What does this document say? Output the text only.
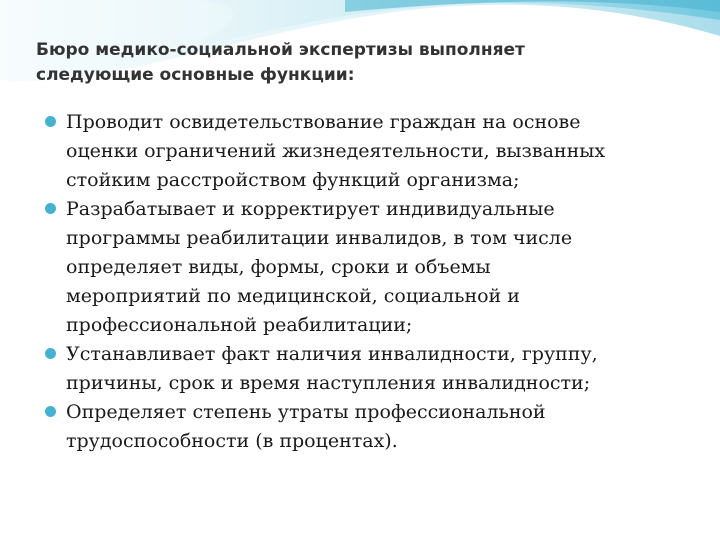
Бюро медико-социальной экспертизы выполняет
следующие основные функции:
Проводит освидетельствование граждан на основе
оценки ограничений жизнедеятельности, вызванных
стойким расстройством функций организма;
Разрабатывает и корректирует индивидуальные
программы реабилитации инвалидов, в том числе
определяет виды, формы, сроки и объемы
мероприятий по медицинской, социальной и
профессиональной реабилитации;
Устанавливает факт наличия инвалидности, группу,
причины, срок и время наступления инвалидности;
Определяет степень утраты профессиональной
трудоспособности (в процентах).
